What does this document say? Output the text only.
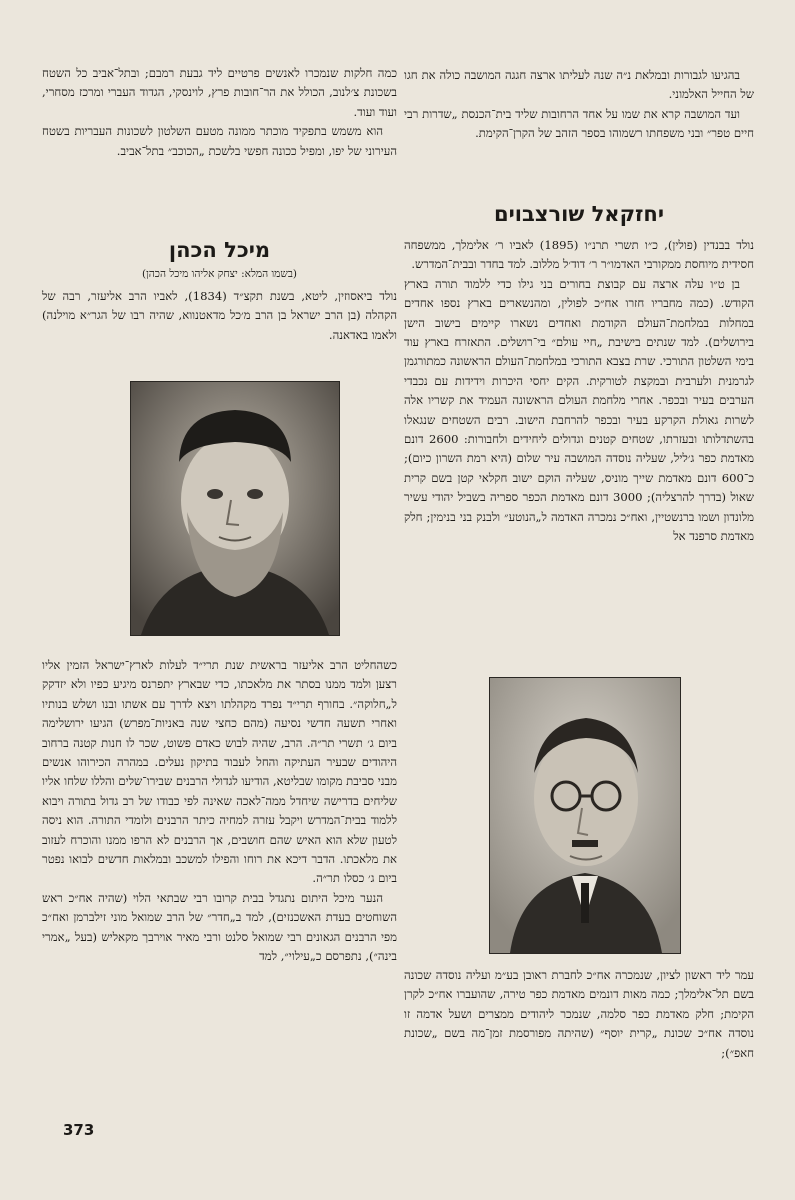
בהגיעו לגבורות ובמלאת נ״ה שנה לעליתו ארצה חגגה המושבה כולה את חגו של החייל האלמוני.

ועד המושבה קרא את שמו על אחד הרחובות שליד בית־הכנסת „שדרות רבי חיים טפר״ ובני משפחתו רשמוהו בספר הזהב של הקרן־הקימת.

יחזקאל שורצבוים

נולד בבנדין (פולין), כ״ו תשרי תרנ״ו (1895) לאביו ר׳ אלימלך, ממשפחה חסידית מיוחסת ממקורבי האדמו״ר ר׳ דוד׳ל מללוב. למד בחדר ובבית־המדרש.

בן ט״ו עלה ארצה עם קבוצת בחורים בני גילו כדי ללמוד תורה בארץ הקודש. (כמה מחבריו חזרו אח״כ לפולין, ומהנשארים בארץ נספו אחדים במחלות במלחמת־העולם הקודמת ואחדים נשארו קיימים בישוב הישן בירושלים). למד שנתים בישיבת „חיי עולם״ בי־רושלים. התאזרח בארץ עוד בימי השלטון התורכי. שרת בצבא התורכי במלחמת־העולם הראשונה כמתורגמן לגרמנית ולערבית ובמקצת לטורקית. הקים יחסי היכרות וידידות עם נכבדי הערבים בעיר ובכפר. אחרי מלחמת העולם הראשונה העמיד את קשריו אלה לשרות גאולת הקרקע בעיר ובכפר להרחבת הישוב. רבים השטחים שנגאלו בהשתדלותו ובעזרתו, שטחים קטנים וגדולים ליחידים ולחבורות: 2600 דונם מאדמת כפר ג׳ליל, שעליה נוסדה המושבה עיר שלום (היא רמת השרון כיום); כ־600 דונם מאדמת שייך מוניס, שעליה הוקם ישוב חקלאי קטן בשם קרית שאול (בדרך להרצליה); 3000 דונם מאדמת הכפר ספריה בשביל יהודי עשיר מלונדון ושמו ברנשטיין, ואח״כ נמכרה האדמה ל„הנוטע״ ולבנק בני בנימין; חלק מאדמת סרפנד אל

עמר ליד ראשון לציון, שנמכרה אח״כ לחברת ראובן בע״מ ועליה נוסדה שכונה בשם תל־אלימלך; כמה מאות דונמים מאדמת כפר טירה, שהועברו אח״כ לקרן הקימת; חלק מאדמת כפר סלמה, שנמכר ליהודים ממצרים ושעל אדמה זו נוסדה אח״כ שכונת „קרית יוסף״ (שהיתה מפורסמת זמן־מה בשם „שכונת חאפ״);

כמה חלקות שנמכרו לאנשים פרטיים ליד גבעת רמבם; ובתל־אביב כל השטח בשכונת צ׳לנוב, הכולל את הר־חובות פרץ, לוינסקי, הגדוד העברי ומרכז מסחרי, ועוד ועוד.

הוא משמש בתפקיד מוכתר ממונה מטעם השלטון לשכונות העבריות בשטח העירוני של יפו, ומפיל ככונה חפשי בלשכת „הכוכב״ בתל־אביב.

מיכל הכהן
(בשמו המלא: יצחק אליהו מיכל הכהן)

נולד ביאסוזין, ליטא, בשנת תקצ״ד (1834), לאביו הרב אליעזר, רבה של הקהלה (בן הרב ישראל בן הרב מ׳כל מדאטנווא, שהיה רבו של הגר״א מוילנה) ולאמו באדאנה.

כשהחליט הרב אליעזר בראשית שנת תרי״ד לעלות לארץ־ישראל הזמין אליו רצען ולמד ממנו בסתר את מלאכתו, כדי שבארץ יתפרנס מיגיע כפיו ולא יזדקק ל„חלוקה״. בחורף תרי״ד נפרד מקהלתו ויצא לדרך עם אשתו ובנו ושלש בנותיו ואחרי תשעה חדשי נסיעה (מהם כחצי שנה באניות־מפרש) הגיעו ירושלימה ביום ג׳ תשרי תר״ה. הרב, שהיה לבוש כאדם פשוט, שכר לו חנות קטנה ברחוב היהודים שבעיר העתיקה והחל לעבוד בתיקון נעלים. במהרה הכירוהו אנשים מבני סביבת מקומו שבליטא, הודיעו לגדולי הרבנים שבירו־שלים והללו שלחו אליו שליחים בדרישה שיחדל ממה־לאכה שאינה לפי כבודו של רב גדול בתורה ויבוא ללמוד בבית־המדרש ויקבל עזרה למחיה כיתר הרבנים ולומדי התורה. הוא ניסה לטעון שלא הוא האיש שהם חושבים, אך הרבנים לא הרפו ממנו והוכרח לעזוב את מלאכתו. הדבר דיכא את רוחו והפילו למשכב ובמלאות חדשים לבואו נפטר ביום ג׳ כסלו תר״ה.

הנער מיכל היתום נתגדל בבית קרובו רבי שבתאי הלוי (שהיה אח״כ ראש השוחטים בעדת האשכנזים), למד ב„חדר״ של הרב שמואל מוני זילברמן ואח״כ מפי הרבנים הגאונים רבי שמואל סלנט ורבי מאיר אוירבך מקאליש (בעל „אמרי בינה״), נתפרסם כ„עילוי״, למד

373
